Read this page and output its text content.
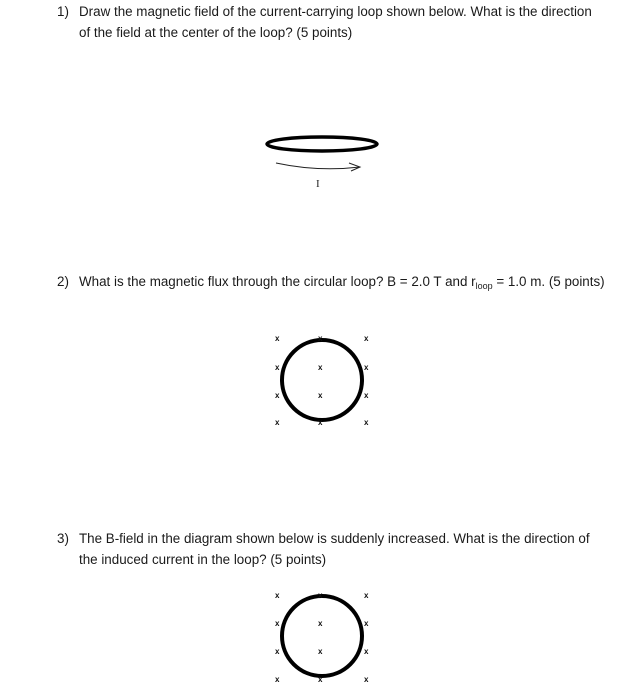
1) Draw the magnetic field of the current-carrying loop shown below. What is the direction
of the field at the center of the loop? (5 points)
2) What is the magnetic flux through the circular loop? B = 2.0 T and $r_{loop} = 1.0$ m. (5 points)
3) The B-field in the diagram shown below is suddenly increased. What is the direction of
the induced current in the loop? (5 points)
I
x	x	x
x	x	x
x	x	x
x	x	x
x	x	x
x	x	x
x	x	x
x	x	x
